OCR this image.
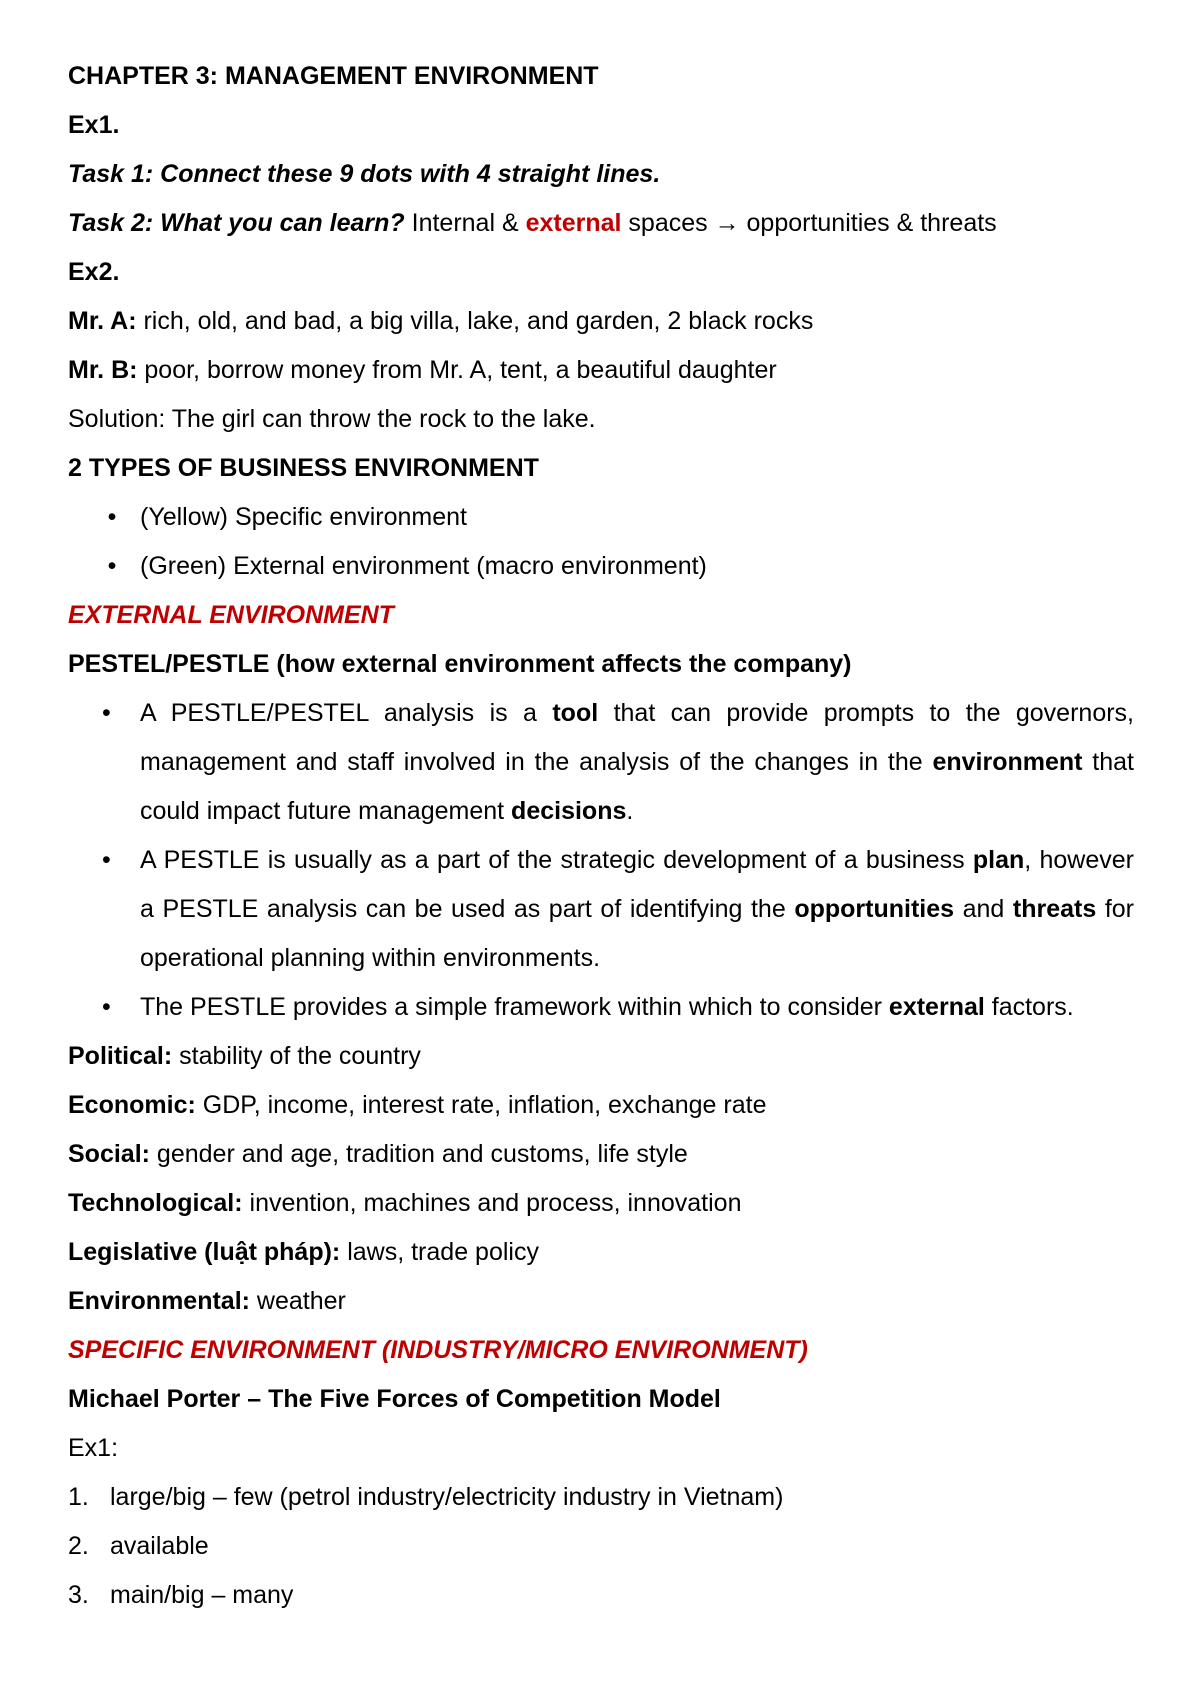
CHAPTER 3: MANAGEMENT ENVIRONMENT

Ex1.

Task 1: Connect these 9 dots with 4 straight lines.

Task 2: What you can learn? Internal & external spaces → opportunities & threats

Ex2.

Mr. A: rich, old, and bad, a big villa, lake, and garden, 2 black rocks

Mr. B: poor, borrow money from Mr. A, tent, a beautiful daughter

Solution: The girl can throw the rock to the lake.

2 TYPES OF BUSINESS ENVIRONMENT

• (Yellow) Specific environment
• (Green) External environment (macro environment)

EXTERNAL ENVIRONMENT

PESTEL/PESTLE (how external environment affects the company)

•	A PESTLE/PESTEL analysis is a tool that can provide prompts to the governors, management and staff involved in the analysis of the changes in the environment that could impact future management decisions.
•	A PESTLE is usually as a part of the strategic development of a business plan, however a PESTLE analysis can be used as part of identifying the opportunities and threats for operational planning within environments.
•	The PESTLE provides a simple framework within which to consider external factors.

Political: stability of the country

Economic: GDP, income, interest rate, inflation, exchange rate

Social: gender and age, tradition and customs, life style

Technological: invention, machines and process, innovation

Legislative (luật pháp): laws, trade policy

Environmental: weather

SPECIFIC ENVIRONMENT (INDUSTRY/MICRO ENVIRONMENT)

Michael Porter – The Five Forces of Competition Model

Ex1:

1. large/big – few (petrol industry/electricity industry in Vietnam)
2. available
3. main/big – many
